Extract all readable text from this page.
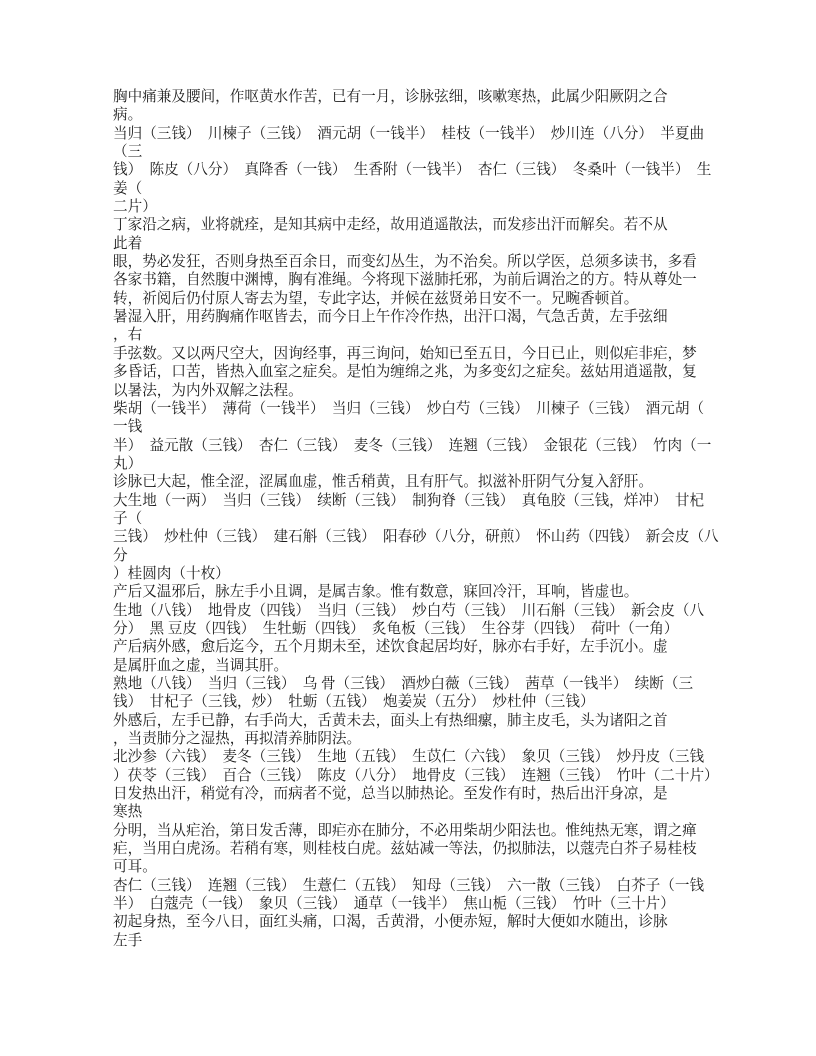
胸中痛兼及腰间，作呕黄水作苦，已有一月，诊脉弦细，咳嗽寒热，此属少阳厥阴之合
病。
当归（三钱）　川楝子（三钱）　酒元胡（一钱半）　桂枝（一钱半）　炒川连（八分）　半夏曲
（三
钱）　陈皮（八分）　真降香（一钱）　生香附（一钱半）　杏仁（三钱）　冬桑叶（一钱半）　生
姜（
二片）
丁家沿之病，业将就痊，是知其病中走经，故用逍遥散法，而发疹出汗而解矣。若不从
此着
眼，势必发狂，否则身热至百余日，而变幻丛生，为不治矣。所以学医，总须多读书，多看
各家书籍，自然腹中渊博，胸有准绳。今将现下滋肺托邪，为前后调治之的方。特从尊处一
转，祈阅后仍付原人寄去为望，专此字达，并候在兹贤弟日安不一。兄畹香顿首。
暑湿入肝，用药胸痛作呕皆去，而今日上午作冷作热，出汗口渴，气急舌黄，左手弦细
，右
手弦数。又以两尺空大，因询经事，再三询问，始知已至五日，今日已止，则似疟非疟，梦
多昏话，口苦，皆热入血室之症矣。是怕为缠绵之兆，为多变幻之症矣。兹姑用逍遥散，复
以暑法，为内外双解之法程。
柴胡（一钱半）　薄荷（一钱半）　当归（三钱）　炒白芍（三钱）　川楝子（三钱）　酒元胡（
一钱
半）　益元散（三钱）　杏仁（三钱）　麦冬（三钱）　连翘（三钱）　金银花（三钱）　竹肉（一
丸）
诊脉已大起，惟全涩，涩属血虚，惟舌稍黄，且有肝气。拟滋补肝阴气分复入舒肝。
大生地（一两）　当归（三钱）　续断（三钱）　制狗脊（三钱）　真龟胶（三钱，烊冲）　甘杞
子（
三钱）　炒杜仲（三钱）　建石斛（三钱）　阳春砂（八分，研煎）　怀山药（四钱）　新会皮（八
分
）桂圆肉（十枚）
产后又温邪后，脉左手小且调，是属吉象。惟有数意，寐回冷汗，耳响，皆虚也。
生地（八钱）　地骨皮（四钱）　当归（三钱）　炒白芍（三钱）　川石斛（三钱）　新会皮（八
分）　黑 豆皮（四钱）　生牡蛎（四钱）　炙龟板（三钱）　生谷芽（四钱）　荷叶（一角）
产后病外感，愈后迄今，五个月期未至，述饮食起居均好，脉亦右手好，左手沉小。虚
是属肝血之虚，当调其肝。
熟地（八钱）　当归（三钱）　乌 骨（三钱）　酒炒白薇（三钱）　茜草（一钱半）　续断（三
钱）　甘杞子（三钱，炒）　牡蛎（五钱）　炮姜炭（五分）　炒杜仲（三钱）
外感后，左手已静，右手尚大，舌黄未去，面头上有热细瘰，肺主皮毛，头为诸阳之首
，当责肺分之湿热，再拟清养肺阴法。
北沙参（六钱）　麦冬（三钱）　生地（五钱）　生苡仁（六钱）　象贝（三钱）　炒丹皮（三钱
）茯苓（三钱）　百合（三钱）　陈皮（八分）　地骨皮（三钱）　连翘（三钱）　竹叶（二十片）
日发热出汗，稍觉有冷，而病者不觉，总当以肺热论。至发作有时，热后出汗身凉，是
寒热
分明，当从疟治，第日发舌薄，即疟亦在肺分，不必用柴胡少阳法也。惟纯热无寒，谓之瘅
疟，当用白虎汤。若稍有寒，则桂枝白虎。兹姑减一等法，仍拟肺法，以蔻壳白芥子易桂枝
可耳。
杏仁（三钱）　连翘（三钱）　生薏仁（五钱）　知母（三钱）　六一散（三钱）　白芥子（一钱
半）　白蔻壳（一钱）　象贝（三钱）　通草（一钱半）　焦山栀（三钱）　竹叶（三十片）
初起身热，至今八日，面红头痛，口渴，舌黄滑，小便赤短，解时大便如水随出，诊脉
左手
